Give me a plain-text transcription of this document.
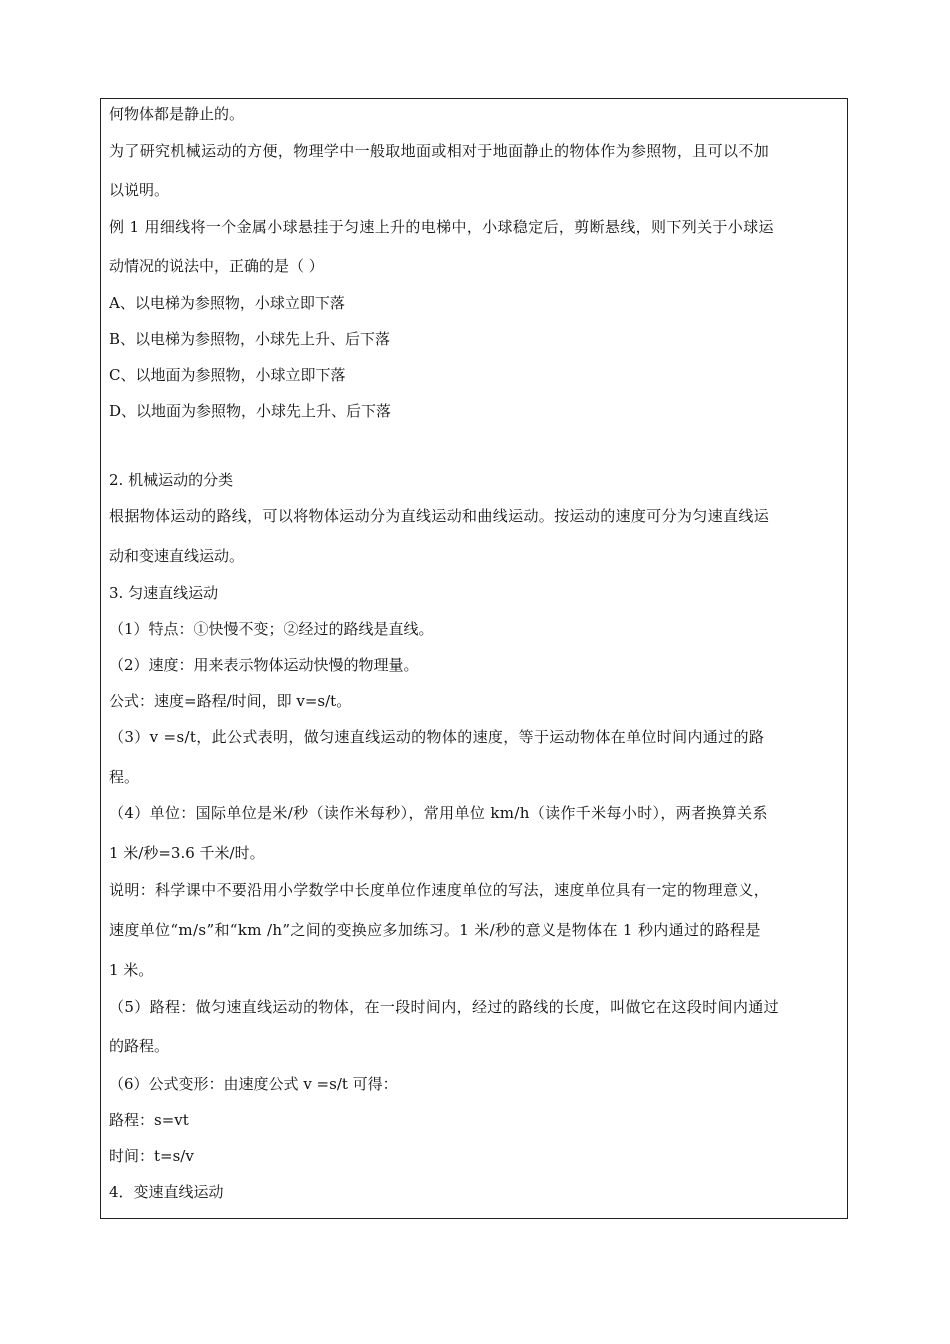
何物体都是静止的。
为了研究机械运动的方便，物理学中一般取地面或相对于地面静止的物体作为参照物，且可以不加
以说明。
例 1 用细线将一个金属小球悬挂于匀速上升的电梯中，小球稳定后，剪断悬线，则下列关于小球运
动情况的说法中，正确的是（ ）
A、以电梯为参照物，小球立即下落
B、以电梯为参照物，小球先上升、后下落
C、以地面为参照物，小球立即下落
D、以地面为参照物，小球先上升、后下落
2. 机械运动的分类
根据物体运动的路线，可以将物体运动分为直线运动和曲线运动。按运动的速度可分为匀速直线运
动和变速直线运动。
3. 匀速直线运动
（1）特点：①快慢不变；②经过的路线是直线。
（2）速度：用来表示物体运动快慢的物理量。
公式：速度=路程/时间，即 v=s/t。
（3）v =s/t，此公式表明，做匀速直线运动的物体的速度，等于运动物体在单位时间内通过的路
程。
（4）单位：国际单位是米/秒（读作米每秒），常用单位 km/h（读作千米每小时），两者换算关系
1 米/秒=3.6 千米/时。
说明：科学课中不要沿用小学数学中长度单位作速度单位的写法，速度单位具有一定的物理意义，
速度单位“m/s”和“km /h”之间的变换应多加练习。1 米/秒的意义是物体在 1 秒内通过的路程是
1 米。
（5）路程：做匀速直线运动的物体，在一段时间内，经过的路线的长度，叫做它在这段时间内通过
的路程。
（6）公式变形：由速度公式 v =s/t 可得：
路程：s=vt
时间：t=s/v
4．变速直线运动
